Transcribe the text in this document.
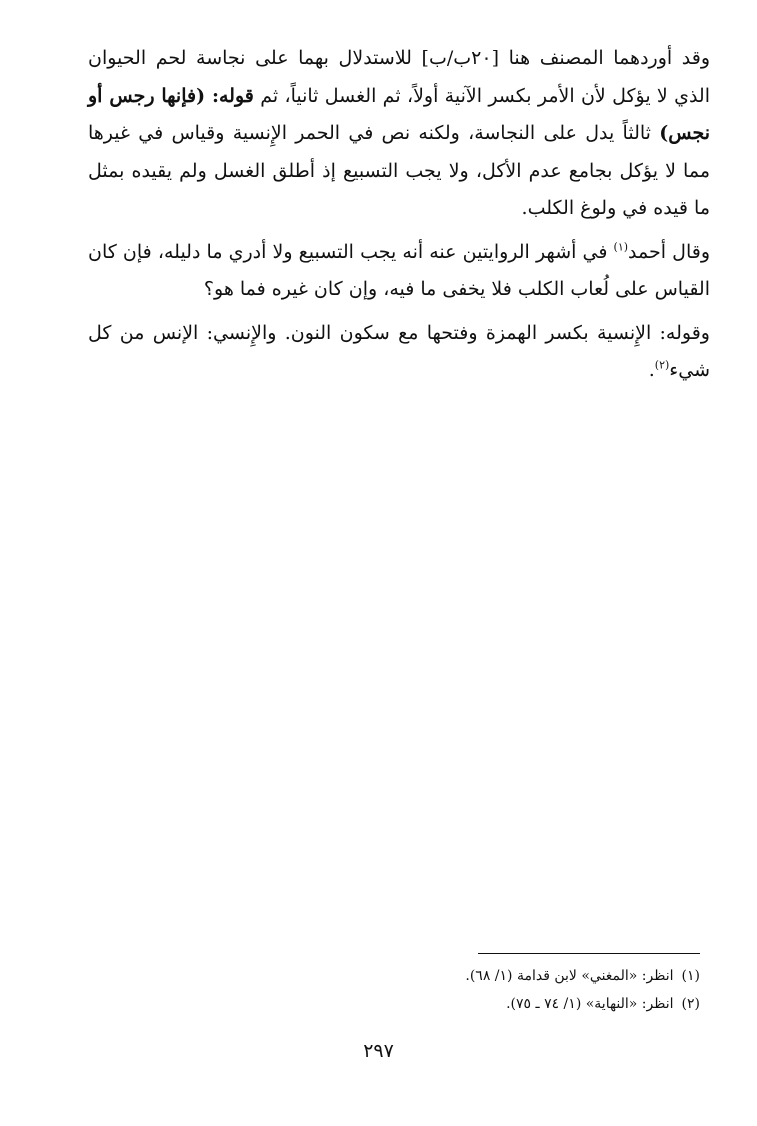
وقد أوردهما المصنف هنا [٢٠ب/ب] للاستدلال بهما على نجاسة لحم الحيوان الذي لا يؤكل لأن الأمر بكسر الآنية أولاً، ثم الغسل ثانياً، ثم قوله: (فإنها رجس أو نجس) ثالثاً يدل على النجاسة، ولكنه نص في الحمر الإِنسية وقياس في غيرها مما لا يؤكل بجامع عدم الأكل، ولا يجب التسبيع إذ أطلق الغسل ولم يقيده بمثل ما قيده في ولوغ الكلب.

وقال أحمد$^{(١)}$ في أشهر الروايتين عنه أنه يجب التسبيع ولا أدري ما دليله، فإن كان القياس على لُعاب الكلب فلا يخفى ما فيه، وإن كان غيره فما هو؟

وقوله: الإِنسية بكسر الهمزة وفتحها مع سكون النون. والإِنسي: الإنس من كل شيء$^{(٢)}$.

(١)انظر: «المغني» لابن قدامة (١/ ٦٨).
(٢)انظر: «النهاية» (١/ ٧٤ ـ ٧٥).
٢٩٧
